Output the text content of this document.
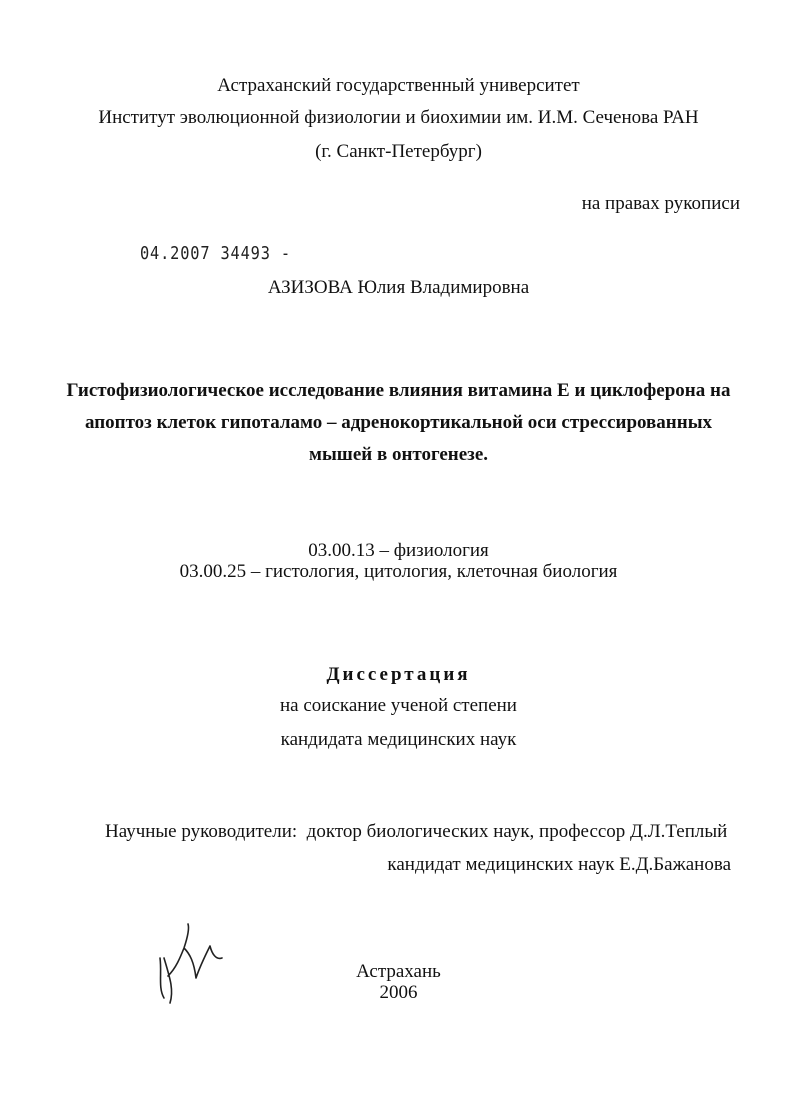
Астраханский государственный университет
Институт эволюционной физиологии и биохимии им. И.М. Сеченова РАН
(г. Санкт-Петербург)
на правах рукописи
04.2007 34493 -
АЗИЗОВА Юлия Владимировна
Гистофизиологическое исследование влияния витамина Е и циклоферона на
апоптоз клеток гипоталамо – адренокортикальной оси стрессированных
мышей в онтогенезе.
03.00.13 – физиология
03.00.25 – гистология, цитология, клеточная биология
Диссертация
на соискание ученой степени
кандидата медицинских наук
Научные руководители: доктор биологических наук, профессор Д.Л.Теплый
кандидат медицинских наук Е.Д.Бажанова
Астрахань
2006
